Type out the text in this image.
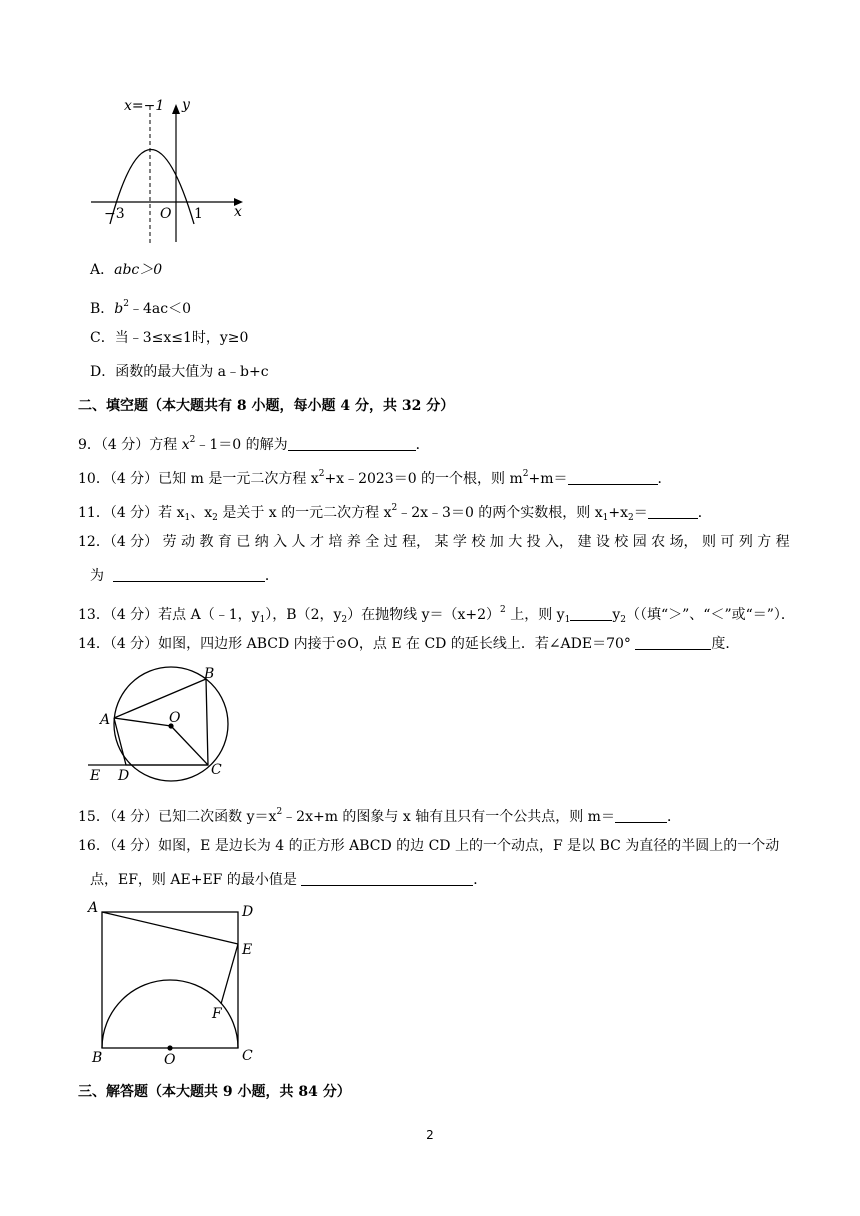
x=−1 y
x
O
−3	1
A．abc＞0
B．$b^2﹣4ac<0$
C．当﹣3≤x≤1时，y≥0
D．函数的最大值为 a﹣b+c
二、填空题（本大题共有 8 小题，每小题 4 分，共 32 分）
9．（4 分）方程 $x^2﹣1=0$ 的解为	．
10．（4 分）已知 m 是一元二次方程 $x^2+x﹣2023=0$ 的一个根，则 $m^2+m=$	．
11．（4 分）若 $x_1$、$x_2$ 是关于 x 的一元二次方程 $x^2﹣2x﹣3=0$ 的两个实数根，则 $x_1+x_2=$	．
12．（4 分） 劳 动 教 育 已 纳 入 人 才 培 养 全 过 程， 某 学 校 加 大 投 入， 建 设 校 园 农 场， 则 可 列 方 程
为	．
13．（4 分）若点 A（﹣1，$y_1$），B（2，$y_2$）在抛物线 $y=(x+2)^2$ 上，则 $y_1$	$y_2$（（填“＞”、“＜”或“＝”）．
14．（4 分）如图，四边形 ABCD 内接于⊙O，点 E 在 CD 的延长线上．若∠ADE＝70°	度．
A
B
O
C
D
E
15．（4 分）已知二次函数 $y=x^2﹣2x+m$ 的图象与 x 轴有且只有一个公共点，则 m＝	．
16．（4 分）如图，E 是边长为 4 的正方形 ABCD 的边 CD 上的一个动点，F 是以 BC 为直径的半圆上的一个动
点，EF，则 AE+EF 的最小值是	．
A	D
E
F
B	O	C
三、解答题（本大题共 9 小题，共 84 分）
2
